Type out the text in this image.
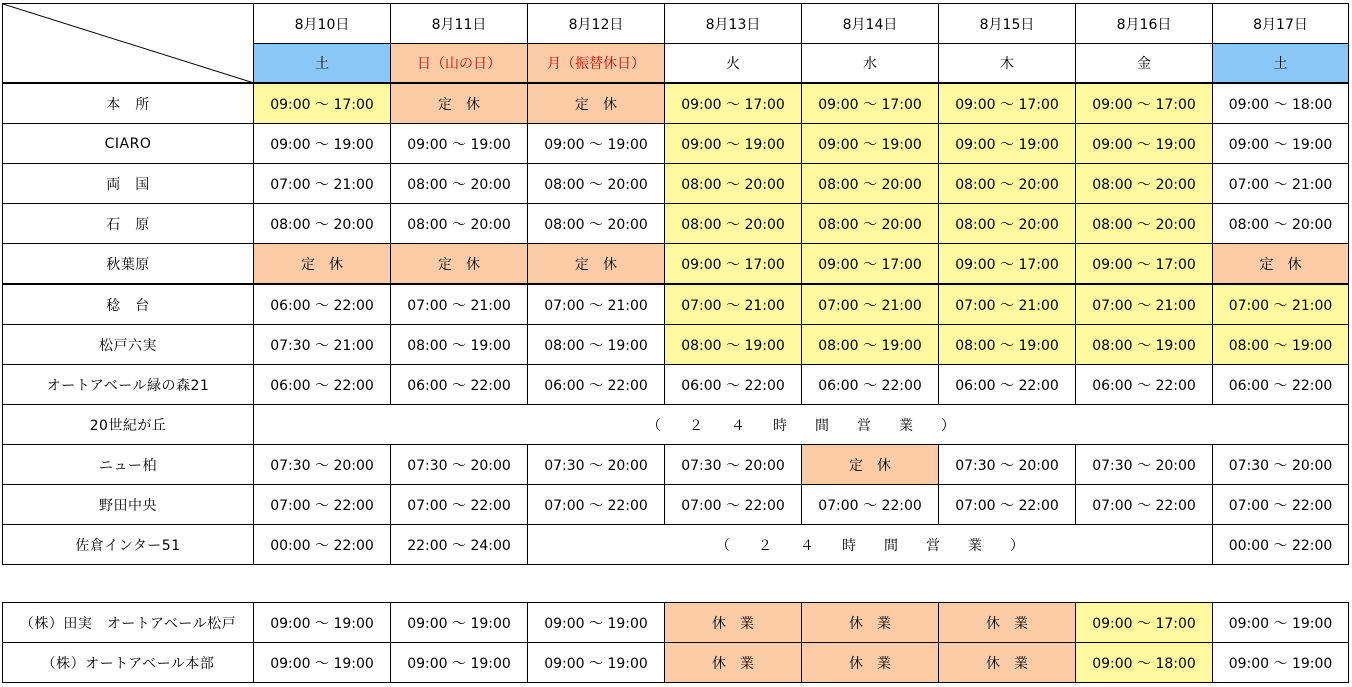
	8月10日	8月11日	8月12日	8月13日	8月14日	8月15日	8月16日	8月17日
	土	日（山の日）	月（振替休日）	火	水	木	金	土
本　所	09:00 〜 17:00	定　休	定　休	09:00 〜 17:00	09:00 〜 17:00	09:00 〜 17:00	09:00 〜 17:00	09:00 〜 18:00
CIARO	09:00 〜 19:00	09:00 〜 19:00	09:00 〜 19:00	09:00 〜 19:00	09:00 〜 19:00	09:00 〜 19:00	09:00 〜 19:00	09:00 〜 19:00
両　国	07:00 〜 21:00	08:00 〜 20:00	08:00 〜 20:00	08:00 〜 20:00	08:00 〜 20:00	08:00 〜 20:00	08:00 〜 20:00	07:00 〜 21:00
石　原	08:00 〜 20:00	08:00 〜 20:00	08:00 〜 20:00	08:00 〜 20:00	08:00 〜 20:00	08:00 〜 20:00	08:00 〜 20:00	08:00 〜 20:00
秋葉原	定　休	定　休	定　休	09:00 〜 17:00	09:00 〜 17:00	09:00 〜 17:00	09:00 〜 17:00	定　休
稔　台	06:00 〜 22:00	07:00 〜 21:00	07:00 〜 21:00	07:00 〜 21:00	07:00 〜 21:00	07:00 〜 21:00	07:00 〜 21:00	07:00 〜 21:00
松戸六実	07:30 〜 21:00	08:00 〜 19:00	08:00 〜 19:00	08:00 〜 19:00	08:00 〜 19:00	08:00 〜 19:00	08:00 〜 19:00	08:00 〜 19:00
オートアベール緑の森21	06:00 〜 22:00	06:00 〜 22:00	06:00 〜 22:00	06:00 〜 22:00	06:00 〜 22:00	06:00 〜 22:00	06:00 〜 22:00	06:00 〜 22:00
20世紀が丘	（　　２　　４　　時　　間　　営　　業　　）							
ニュー柏	07:30 〜 20:00	07:30 〜 20:00	07:30 〜 20:00	07:30 〜 20:00	定　休	07:30 〜 20:00	07:30 〜 20:00	07:30 〜 20:00
野田中央	07:00 〜 22:00	07:00 〜 22:00	07:00 〜 22:00	07:00 〜 22:00	07:00 〜 22:00	07:00 〜 22:00	07:00 〜 22:00	07:00 〜 22:00
佐倉インター51	00:00 〜 22:00	22:00 〜 24:00	（　　２　　４　　時　　間　　営　　業　　）					00:00 〜 22:00
（株）田実　オートアベール松戸	09:00 〜 19:00	09:00 〜 19:00	09:00 〜 19:00	休　業	休　業	休　業	09:00 〜 17:00	09:00 〜 19:00
（株）オートアベール本部	09:00 〜 19:00	09:00 〜 19:00	09:00 〜 19:00	休　業	休　業	休　業	09:00 〜 18:00	09:00 〜 19:00
